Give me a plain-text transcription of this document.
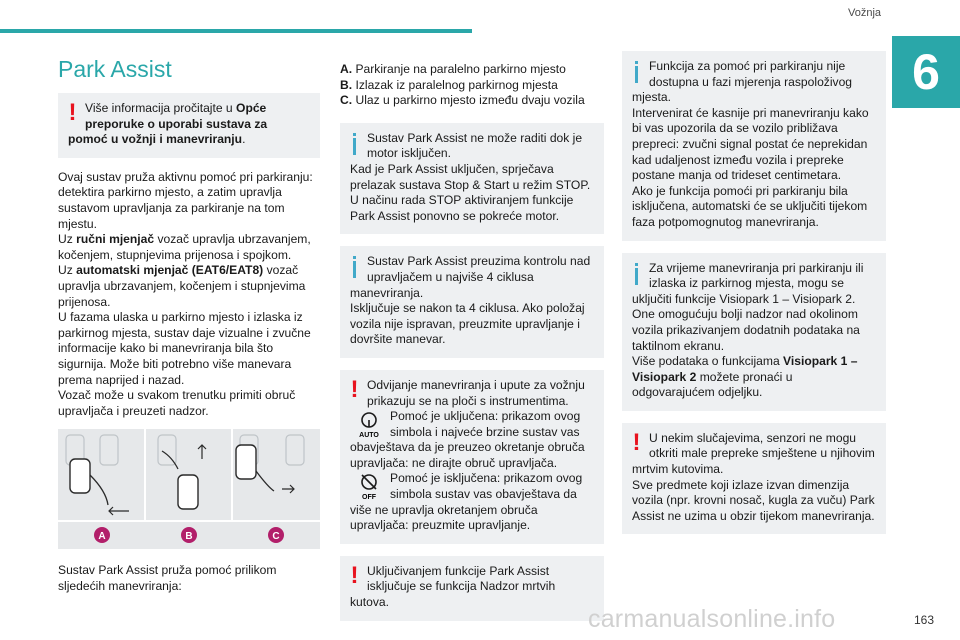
Vožnja
6
Park Assist
! Više informacija pročitajte u Opće preporuke o uporabi sustava za pomoć u vožnji i manevriranju.

Ovaj sustav pruža aktivnu pomoć pri parkiranju: detektira parkirno mjesto, a zatim upravlja sustavom upravljanja za parkiranje na tom mjestu.

Uz ručni mjenjač vozač upravlja ubrzavanjem, kočenjem, stupnjevima prijenosa i spojkom.

Uz automatski mjenjač (EAT6/EAT8) vozač upravlja ubrzavanjem, kočenjem i stupnjevima prijenosa.

U fazama ulaska u parkirno mjesto i izlaska iz parkirnog mjesta, sustav daje vizualne i zvučne informacije kako bi manevriranja bila što sigurnija. Može biti potrebno više manevara prema naprijed i nazad.

Vozač može u svakom trenutku primiti obruč upravljača i preuzeti nadzor.

A	B	C

Sustav Park Assist pruža pomoć prilikom sljedećih manevriranja:

A. Parkiranje na paralelno parkirno mjesto

B. Izlazak iz paralelnog parkirnog mjesta

C. Ulaz u parkirno mjesto između dvaju vozila

Sustav Park Assist ne može raditi dok je motor isključen.

Kad je Park Assist uključen, sprječava prelazak sustava Stop & Start u režim STOP. U načinu rada STOP aktiviranjem funkcije Park Assist ponovno se pokreće motor.

Sustav Park Assist preuzima kontrolu nad upravljačem u najviše 4 ciklusa manevriranja.

Isključuje se nakon ta 4 ciklusa. Ako položaj vozila nije ispravan, preuzmite upravljanje i dovršite manevar.

! Odvijanje manevriranja i upute za vožnju prikazuju se na ploči s instrumentima.

AUTO

Pomoć je uključena: prikazom ovog simbola i najveće brzine sustav vas obavještava da je preuzeo okretanje obruča upravljača: ne dirajte obruč upravljača.

OFF

Pomoć je isključena: prikazom ovog simbola sustav vas obavještava da više ne upravlja okretanjem obruča upravljača: preuzmite upravljanje.

! Uključivanjem funkcije Park Assist isključuje se funkcija Nadzor mrtvih kutova.

Funkcija za pomoć pri parkiranju nije dostupna u fazi mjerenja raspoloživog mjesta.

Intervenirat će kasnije pri manevriranju kako bi vas upozorila da se vozilo približava prepreci: zvučni signal postat će neprekidan kad udaljenost između vozila i prepreke postane manja od trideset centimetara.

Ako je funkcija pomoći pri parkiranju bila isključena, automatski će se uključiti tijekom faza potpomognutog manevriranja.

Za vrijeme manevriranja pri parkiranju ili izlaska iz parkirnog mjesta, mogu se uključiti funkcije Visiopark 1 – Visiopark 2.

One omogućuju bolji nadzor nad okolinom vozila prikazivanjem dodatnih podataka na taktilnom ekranu.

Više podataka o funkcijama Visiopark 1 – Visiopark 2 možete pronaći u odgovarajućem odjeljku.

! U nekim slučajevima, senzori ne mogu otkriti male prepreke smještene u njihovim mrtvim kutovima.

Sve predmete koji izlaze izvan dimenzija vozila (npr. krovni nosač, kugla za vuču) Park Assist ne uzima u obzir tijekom manevriranja.

carmanualsonline.info	163
